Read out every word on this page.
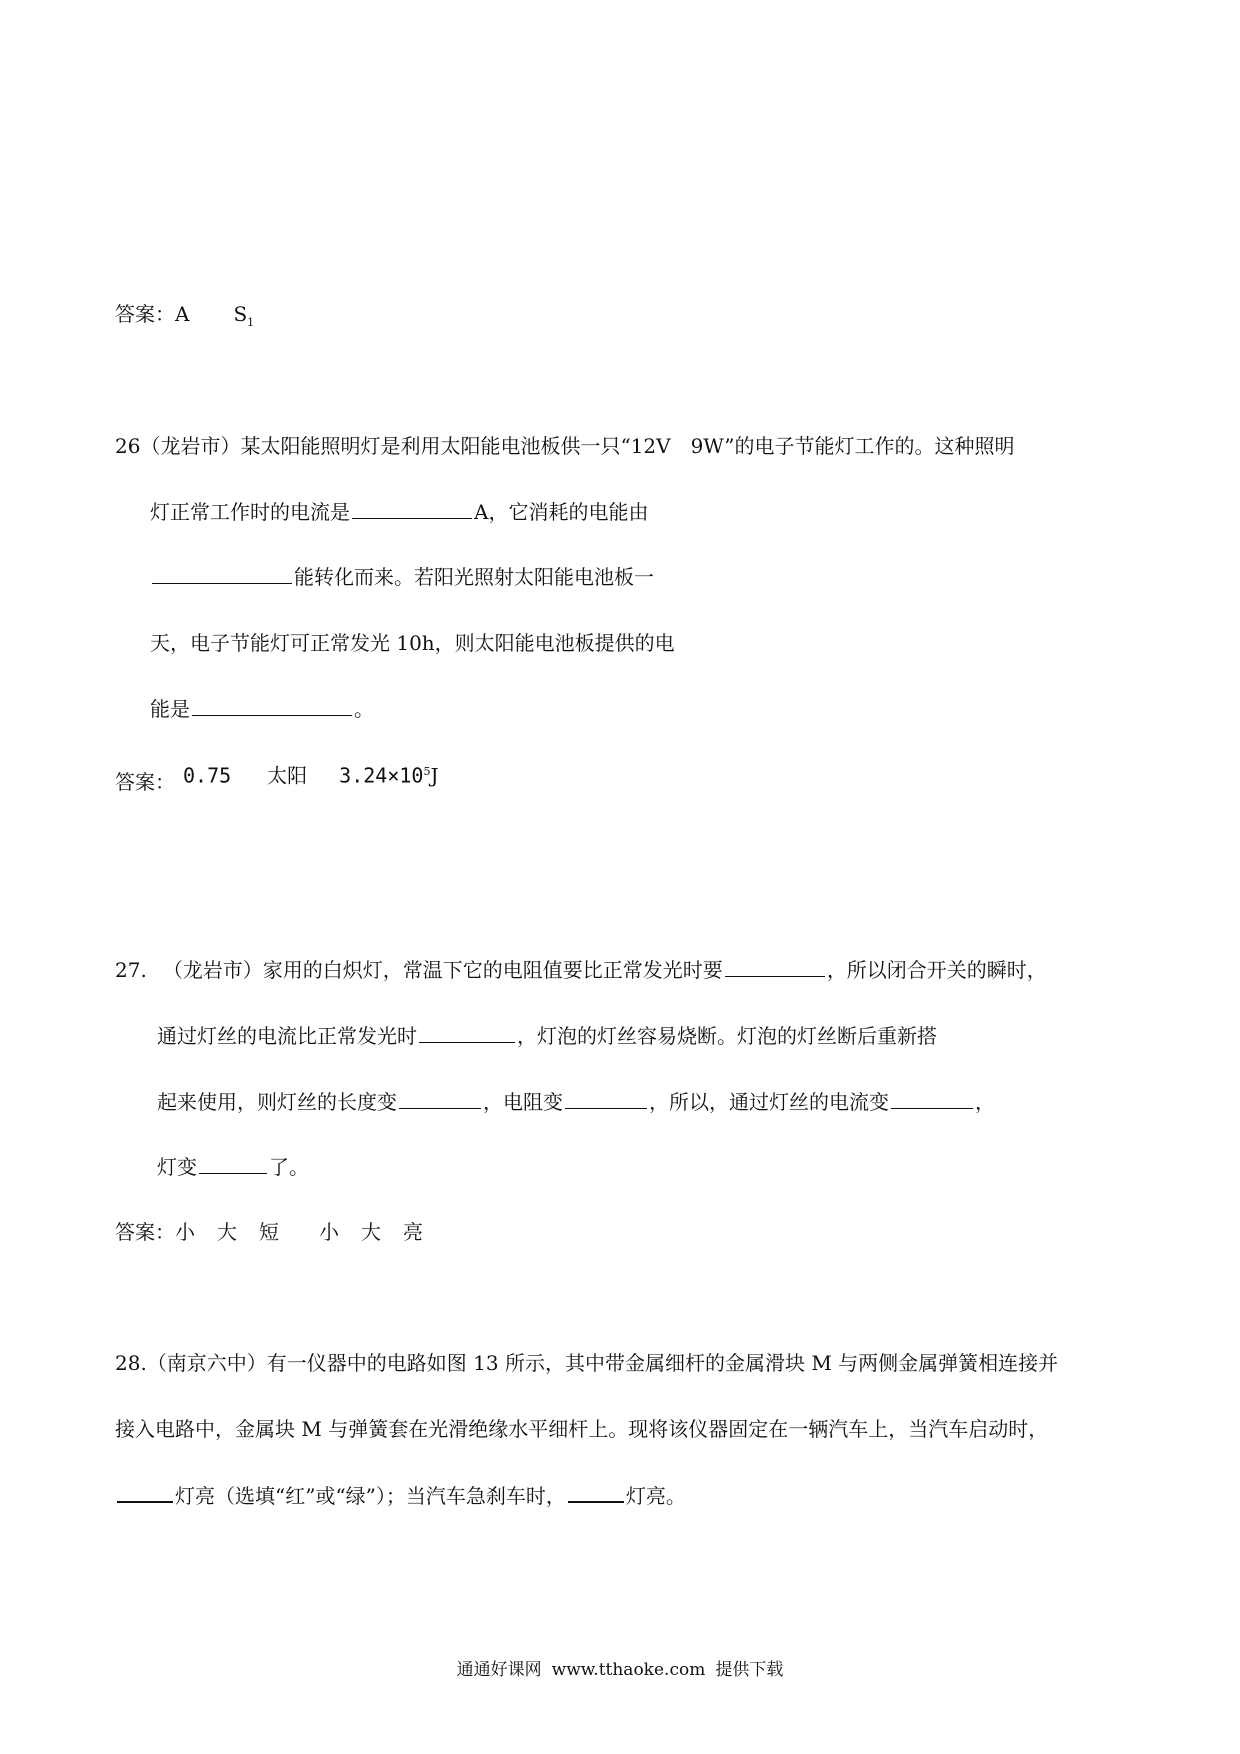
答案：A $S_1$
26（龙岩市）某太阳能照明灯是利用太阳能电池板供一只“12V　9W”的电子节能灯工作的。这种照明
灯正常工作时的电流是	A，它消耗的电能由
能转化而来。若阳光照射太阳能电池板一
天，电子节能灯可正常发光 10h，则太阳能电池板提供的电
能是	。
答案： 0.75 太阳 $3.24\times 10^5J$
27. （龙岩市）家用的白炽灯，常温下它的电阻值要比正常发光时要	，所以闭合开关的瞬时，
通过灯丝的电流比正常发光时	，灯泡的灯丝容易烧断。灯泡的灯丝断后重新搭
起来使用，则灯丝的长度变	，电阻变	，所以，通过灯丝的电流变	，
灯变	了。
答案：小 大 短 小 大 亮
28.（南京六中）有一仪器中的电路如图 13 所示，其中带金属细杆的金属滑块 M 与两侧金属弹簧相连接并
接入电路中，金属块 M 与弹簧套在光滑绝缘水平细杆上。现将该仪器固定在一辆汽车上，当汽车启动时，
灯亮（选填“红”或“绿”）；当汽车急刹车时，	灯亮。
通通好课网 www.tthaoke.com 提供下载
